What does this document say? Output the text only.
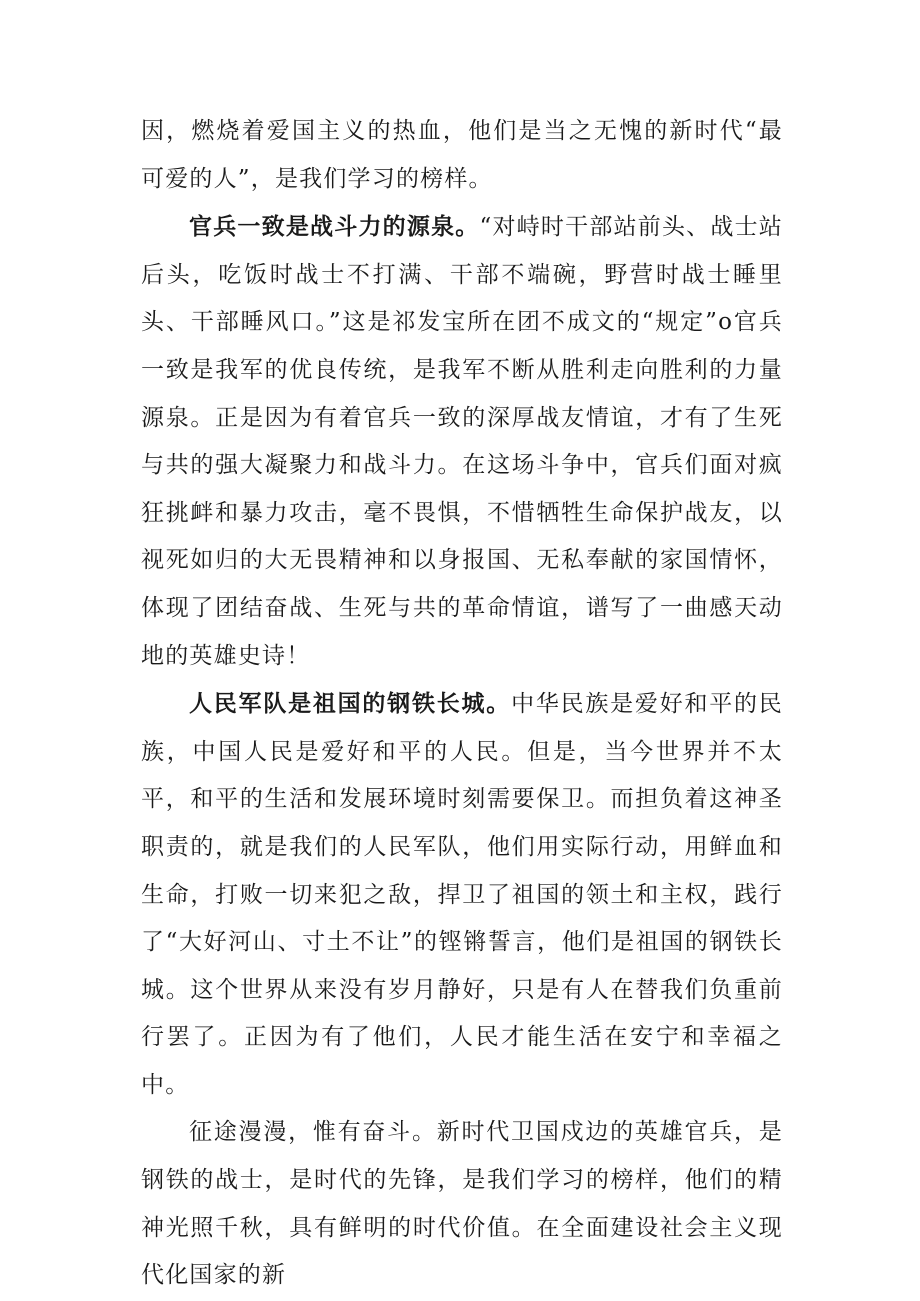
因，燃烧着爱国主义的热血，他们是当之无愧的新时代“最可爱的人”，是我们学习的榜样。

官兵一致是战斗力的源泉。“对峙时干部站前头、战士站后头，吃饭时战士不打满、干部不端碗，野营时战士睡里头、干部睡风口。”这是祁发宝所在团不成文的“规定”o官兵一致是我军的优良传统，是我军不断从胜利走向胜利的力量源泉。正是因为有着官兵一致的深厚战友情谊，才有了生死与共的强大凝聚力和战斗力。在这场斗争中，官兵们面对疯狂挑衅和暴力攻击，毫不畏惧，不惜牺牲生命保护战友，以视死如归的大无畏精神和以身报国、无私奉献的家国情怀，体现了团结奋战、生死与共的革命情谊，谱写了一曲感天动地的英雄史诗！

人民军队是祖国的钢铁长城。中华民族是爱好和平的民族，中国人民是爱好和平的人民。但是，当今世界并不太平，和平的生活和发展环境时刻需要保卫。而担负着这神圣职责的，就是我们的人民军队，他们用实际行动，用鲜血和生命，打败一切来犯之敌，捍卫了祖国的领土和主权，践行了“大好河山、寸土不让”的铿锵誓言，他们是祖国的钢铁长城。这个世界从来没有岁月静好，只是有人在替我们负重前行罢了。正因为有了他们，人民才能生活在安宁和幸福之中。

征途漫漫，惟有奋斗。新时代卫国戍边的英雄官兵，是钢铁的战士，是时代的先锋，是我们学习的榜样，他们的精神光照千秋，具有鲜明的时代价值。在全面建设社会主义现代化国家的新
